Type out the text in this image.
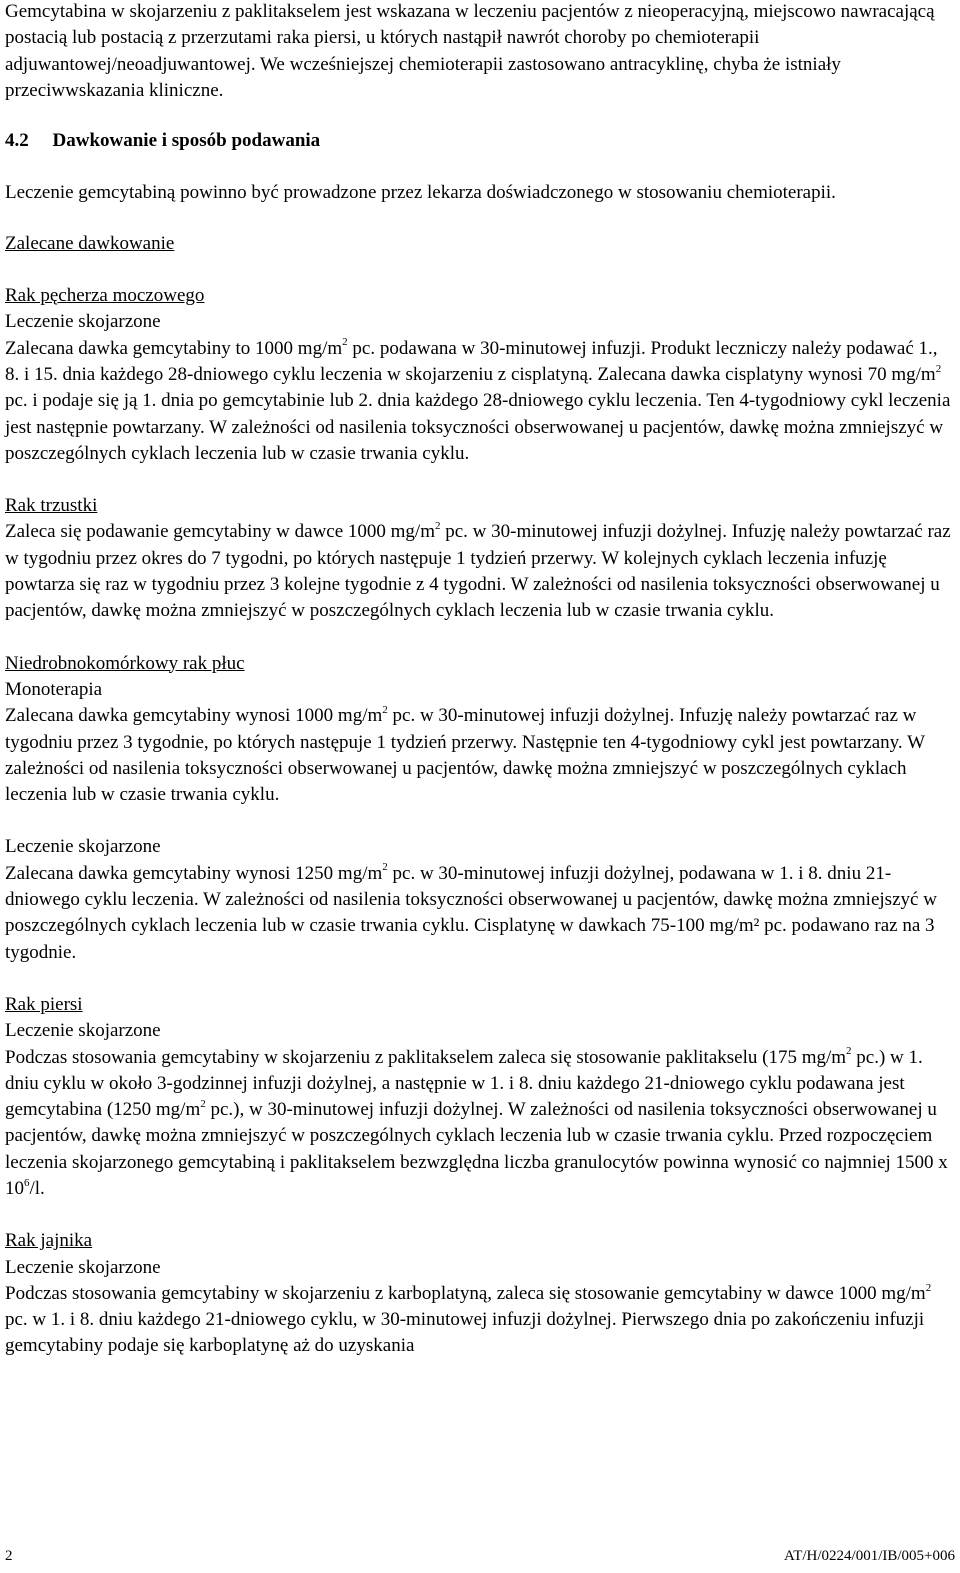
Gemcytabina w skojarzeniu z paklitakselem jest wskazana w leczeniu pacjentów z nieoperacyjną, miejscowo nawracającą postacią lub postacią z przerzutami raka piersi, u których nastąpił nawrót choroby po chemioterapii adjuwantowej/neoadjuwantowej. We wcześniejszej chemioterapii zastosowano antracyklinę, chyba że istniały przeciwwskazania kliniczne.

4.2 Dawkowanie i sposób podawania

Leczenie gemcytabiną powinno być prowadzone przez lekarza doświadczonego w stosowaniu chemioterapii.

Zalecane dawkowanie

Rak pęcherza moczowego

Leczenie skojarzone

Zalecana dawka gemcytabiny to 1000 $mg/m^2$ pc. podawana w 30-minutowej infuzji. Produkt leczniczy należy podawać 1., 8. i 15. dnia każdego 28-dniowego cyklu leczenia w skojarzeniu z cisplatyną. Zalecana dawka cisplatyny wynosi 70 $mg/m^2$ pc. i podaje się ją 1. dnia po gemcytabinie lub 2. dnia każdego 28-dniowego cyklu leczenia. Ten 4-tygodniowy cykl leczenia jest następnie powtarzany. W zależności od nasilenia toksyczności obserwowanej u pacjentów, dawkę można zmniejszyć w poszczególnych cyklach leczenia lub w czasie trwania cyklu.

Rak trzustki

Zaleca się podawanie gemcytabiny w dawce 1000 $mg/m^2$ pc. w 30-minutowej infuzji dożylnej. Infuzję należy powtarzać raz w tygodniu przez okres do 7 tygodni, po których następuje 1 tydzień przerwy. W kolejnych cyklach leczenia infuzję powtarza się raz w tygodniu przez 3 kolejne tygodnie z 4 tygodni. W zależności od nasilenia toksyczności obserwowanej u pacjentów, dawkę można zmniejszyć w poszczególnych cyklach leczenia lub w czasie trwania cyklu.

Niedrobnokomórkowy rak płuc

Monoterapia

Zalecana dawka gemcytabiny wynosi 1000 $mg/m^2$ pc. w 30-minutowej infuzji dożylnej. Infuzję należy powtarzać raz w tygodniu przez 3 tygodnie, po których następuje 1 tydzień przerwy. Następnie ten 4-tygodniowy cykl jest powtarzany. W zależności od nasilenia toksyczności obserwowanej u pacjentów, dawkę można zmniejszyć w poszczególnych cyklach leczenia lub w czasie trwania cyklu.

Leczenie skojarzone

Zalecana dawka gemcytabiny wynosi 1250 $mg/m^2$ pc. w 30-minutowej infuzji dożylnej, podawana w 1. i 8. dniu 21-dniowego cyklu leczenia. W zależności od nasilenia toksyczności obserwowanej u pacjentów, dawkę można zmniejszyć w poszczególnych cyklach leczenia lub w czasie trwania cyklu. Cisplatynę w dawkach 75-100 mg/m² pc. podawano raz na 3 tygodnie.

Rak piersi

Leczenie skojarzone

Podczas stosowania gemcytabiny w skojarzeniu z paklitakselem zaleca się stosowanie paklitakselu (175 $mg/m^2$ pc.) w 1. dniu cyklu w około 3-godzinnej infuzji dożylnej, a następnie w 1. i 8. dniu każdego 21-dniowego cyklu podawana jest gemcytabina (1250 $mg/m^2$ pc.), w 30-minutowej infuzji dożylnej. W zależności od nasilenia toksyczności obserwowanej u pacjentów, dawkę można zmniejszyć w poszczególnych cyklach leczenia lub w czasie trwania cyklu. Przed rozpoczęciem leczenia skojarzonego gemcytabiną i paklitakselem bezwzględna liczba granulocytów powinna wynosić co najmniej 1500 x $10^6/l$.

Rak jajnika

Leczenie skojarzone

Podczas stosowania gemcytabiny w skojarzeniu z karboplatyną, zaleca się stosowanie gemcytabiny w dawce 1000 $mg/m^2$ pc. w 1. i 8. dniu każdego 21-dniowego cyklu, w 30-minutowej infuzji dożylnej. Pierwszego dnia po zakończeniu infuzji gemcytabiny podaje się karboplatynę aż do uzyskania

2	AT/H/0224/001/IB/005+006
